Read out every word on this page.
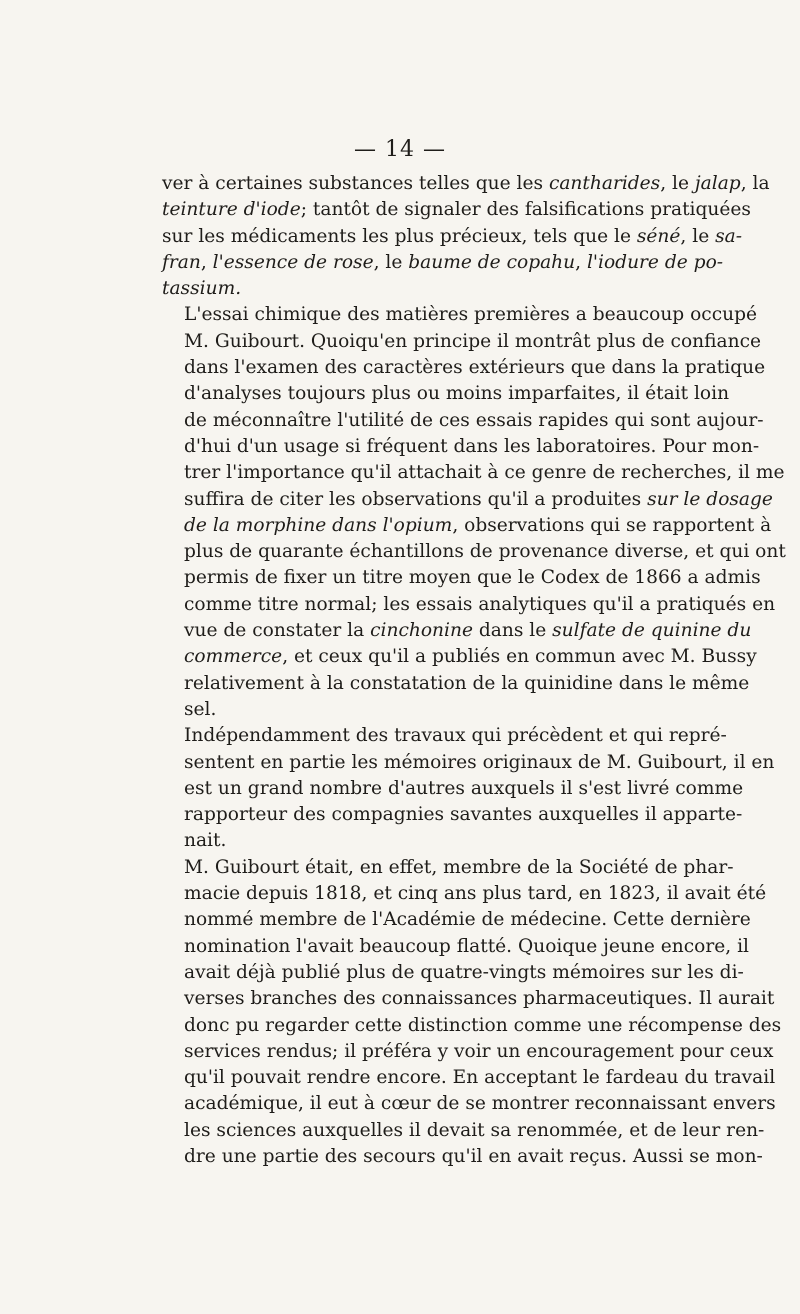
— 14 —

ver à certaines substances telles que les cantharides, le jalap, la
teinture d'iode; tantôt de signaler des falsifications pratiquées
sur les médicaments les plus précieux, tels que le séné, le sa-
fran, l'essence de rose, le baume de copahu, l'iodure de po-
tassium.

L'essai chimique des matières premières a beaucoup occupé
M. Guibourt. Quoiqu'en principe il montrât plus de confiance
dans l'examen des caractères extérieurs que dans la pratique
d'analyses toujours plus ou moins imparfaites, il était loin
de méconnaître l'utilité de ces essais rapides qui sont aujour-
d'hui d'un usage si fréquent dans les laboratoires. Pour mon-
trer l'importance qu'il attachait à ce genre de recherches, il me
suffira de citer les observations qu'il a produites sur le dosage
de la morphine dans l'opium, observations qui se rapportent à
plus de quarante échantillons de provenance diverse, et qui ont
permis de fixer un titre moyen que le Codex de 1866 a admis
comme titre normal; les essais analytiques qu'il a pratiqués en
vue de constater la cinchonine dans le sulfate de quinine du
commerce, et ceux qu'il a publiés en commun avec M. Bussy
relativement à la constatation de la quinidine dans le même
sel.

Indépendamment des travaux qui précèdent et qui repré-
sentent en partie les mémoires originaux de M. Guibourt, il en
est un grand nombre d'autres auxquels il s'est livré comme
rapporteur des compagnies savantes auxquelles il apparte-
nait.

M. Guibourt était, en effet, membre de la Société de phar-
macie depuis 1818, et cinq ans plus tard, en 1823, il avait été
nommé membre de l'Académie de médecine. Cette dernière
nomination l'avait beaucoup flatté. Quoique jeune encore, il
avait déjà publié plus de quatre-vingts mémoires sur les di-
verses branches des connaissances pharmaceutiques. Il aurait
donc pu regarder cette distinction comme une récompense des
services rendus; il préféra y voir un encouragement pour ceux
qu'il pouvait rendre encore. En acceptant le fardeau du travail
académique, il eut à cœur de se montrer reconnaissant envers
les sciences auxquelles il devait sa renommée, et de leur ren-
dre une partie des secours qu'il en avait reçus. Aussi se mon-
